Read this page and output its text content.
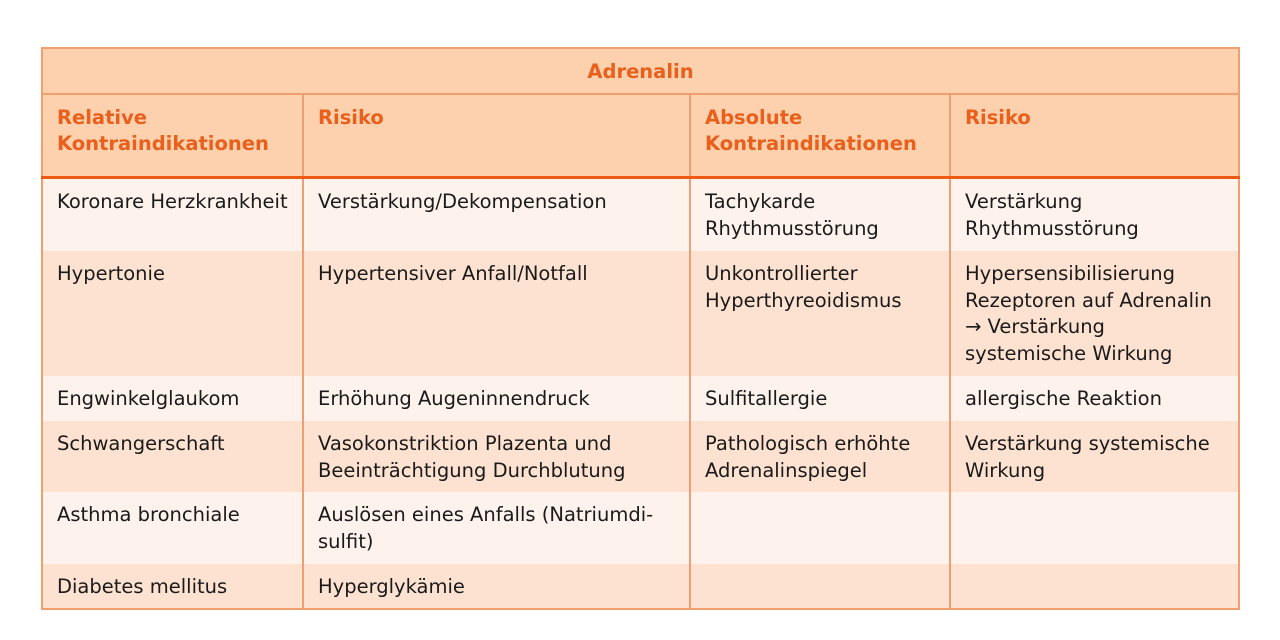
Adrenalin			
Relative Kontraindikationen	Risiko	Absolute Kontraindikationen	Risiko
Koronare Herzkrankheit	Verstärkung/Dekompensation	Tachykarde Rhythmusstörung	Verstärkung Rhythmusstörung
Hypertonie	Hypertensiver Anfall/Notfall	Unkontrollierter Hyperthyreoidismus	Hypersensibilisierung Rezeptoren auf Adrenalin → Verstärkung systemische Wirkung
Engwinkelglaukom	Erhöhung Augeninnendruck	Sulfitallergie	allergische Reaktion
Schwangerschaft	Vasokonstriktion Plazenta und Beeinträchtigung Durchblutung	Pathologisch erhöhte Adrenalinspiegel	Verstärkung systemische Wirkung
Asthma bronchiale	Auslösen eines Anfalls (Natriumdi-sulfit)		
Diabetes mellitus	Hyperglykämie		
